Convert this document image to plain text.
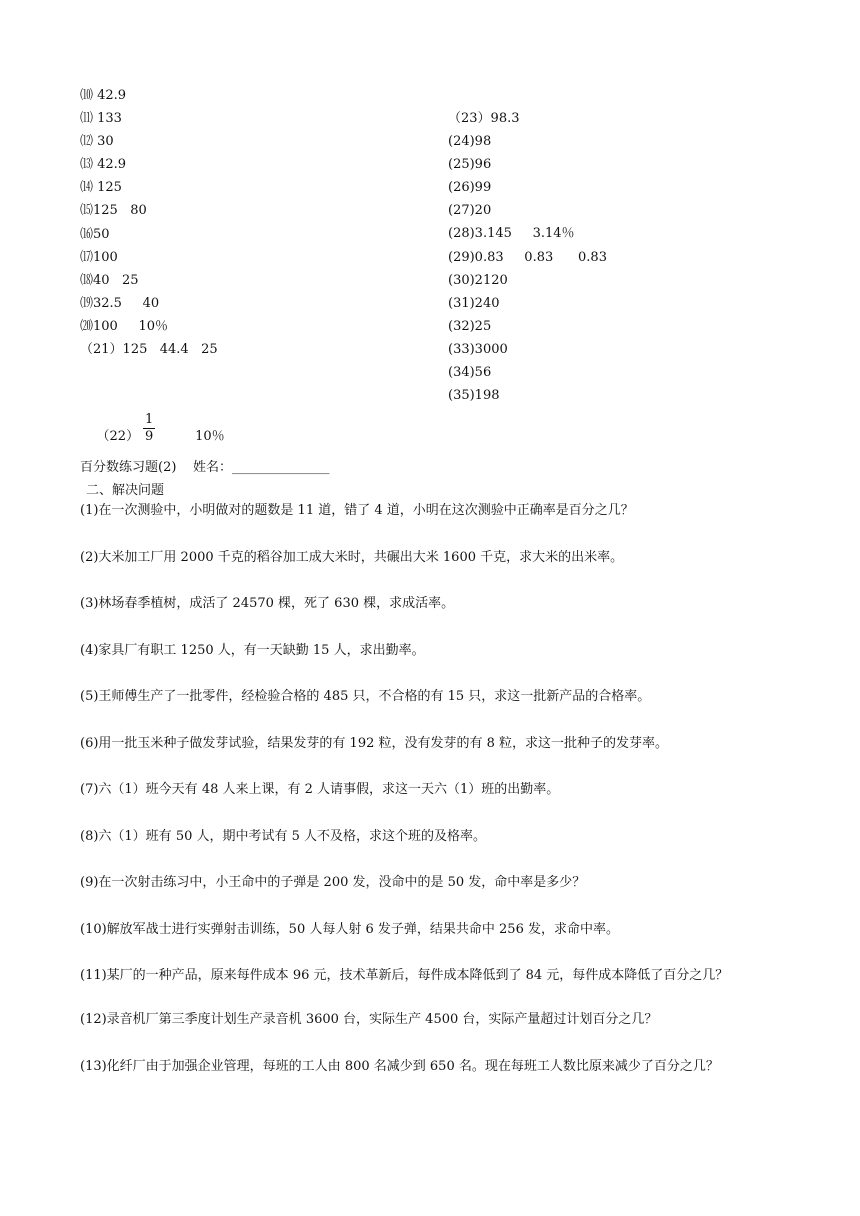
⑽ 42.9
⑾ 133
⑿ 30
⒀ 42.9
⒁ 125
⒂125   80
⒃50
⒄100
⒅40   25
⒆32.5     40
⒇100     10％
（21）125   44.4   25
（23）98.3
(24)98
(25)96
(26)99
(27)20
(28)3.145     3.14％
(29)0.83     0.83      0.83
(30)2120
(31)240
(32)25
(33)3000
(34)56
(35)198

$(22) \frac{1}{9}$	10％

百分数练习题(2)    姓名：_______________
二、解决问题
(1)在一次测验中，小明做对的题数是 11 道，错了 4 道，小明在这次测验中正确率是百分之几？
(2)大米加工厂用 2000 千克的稻谷加工成大米时，共碾出大米 1600 千克，求大米的出米率。
(3)林场春季植树，成活了 24570 棵，死了 630 棵，求成活率。
(4)家具厂有职工 1250 人，有一天缺勤 15 人，求出勤率。
(5)王师傅生产了一批零件，经检验合格的 485 只，不合格的有 15 只，求这一批新产品的合格率。
(6)用一批玉米种子做发芽试验，结果发芽的有 192 粒，没有发芽的有 8 粒，求这一批种子的发芽率。
(7)六（1）班今天有 48 人来上课，有 2 人请事假，求这一天六（1）班的出勤率。
(8)六（1）班有 50 人，期中考试有 5 人不及格，求这个班的及格率。
(9)在一次射击练习中，小王命中的子弹是 200 发，没命中的是 50 发，命中率是多少？
(10)解放军战士进行实弹射击训练，50 人每人射 6 发子弹，结果共命中 256 发，求命中率。
(11)某厂的一种产品，原来每件成本 96 元，技术革新后，每件成本降低到了 84 元，每件成本降低了百分之几？
(12)录音机厂第三季度计划生产录音机 3600 台，实际生产 4500 台，实际产量超过计划百分之几？
(13)化纤厂由于加强企业管理，每班的工人由 800 名减少到 650 名。现在每班工人数比原来减少了百分之几？
